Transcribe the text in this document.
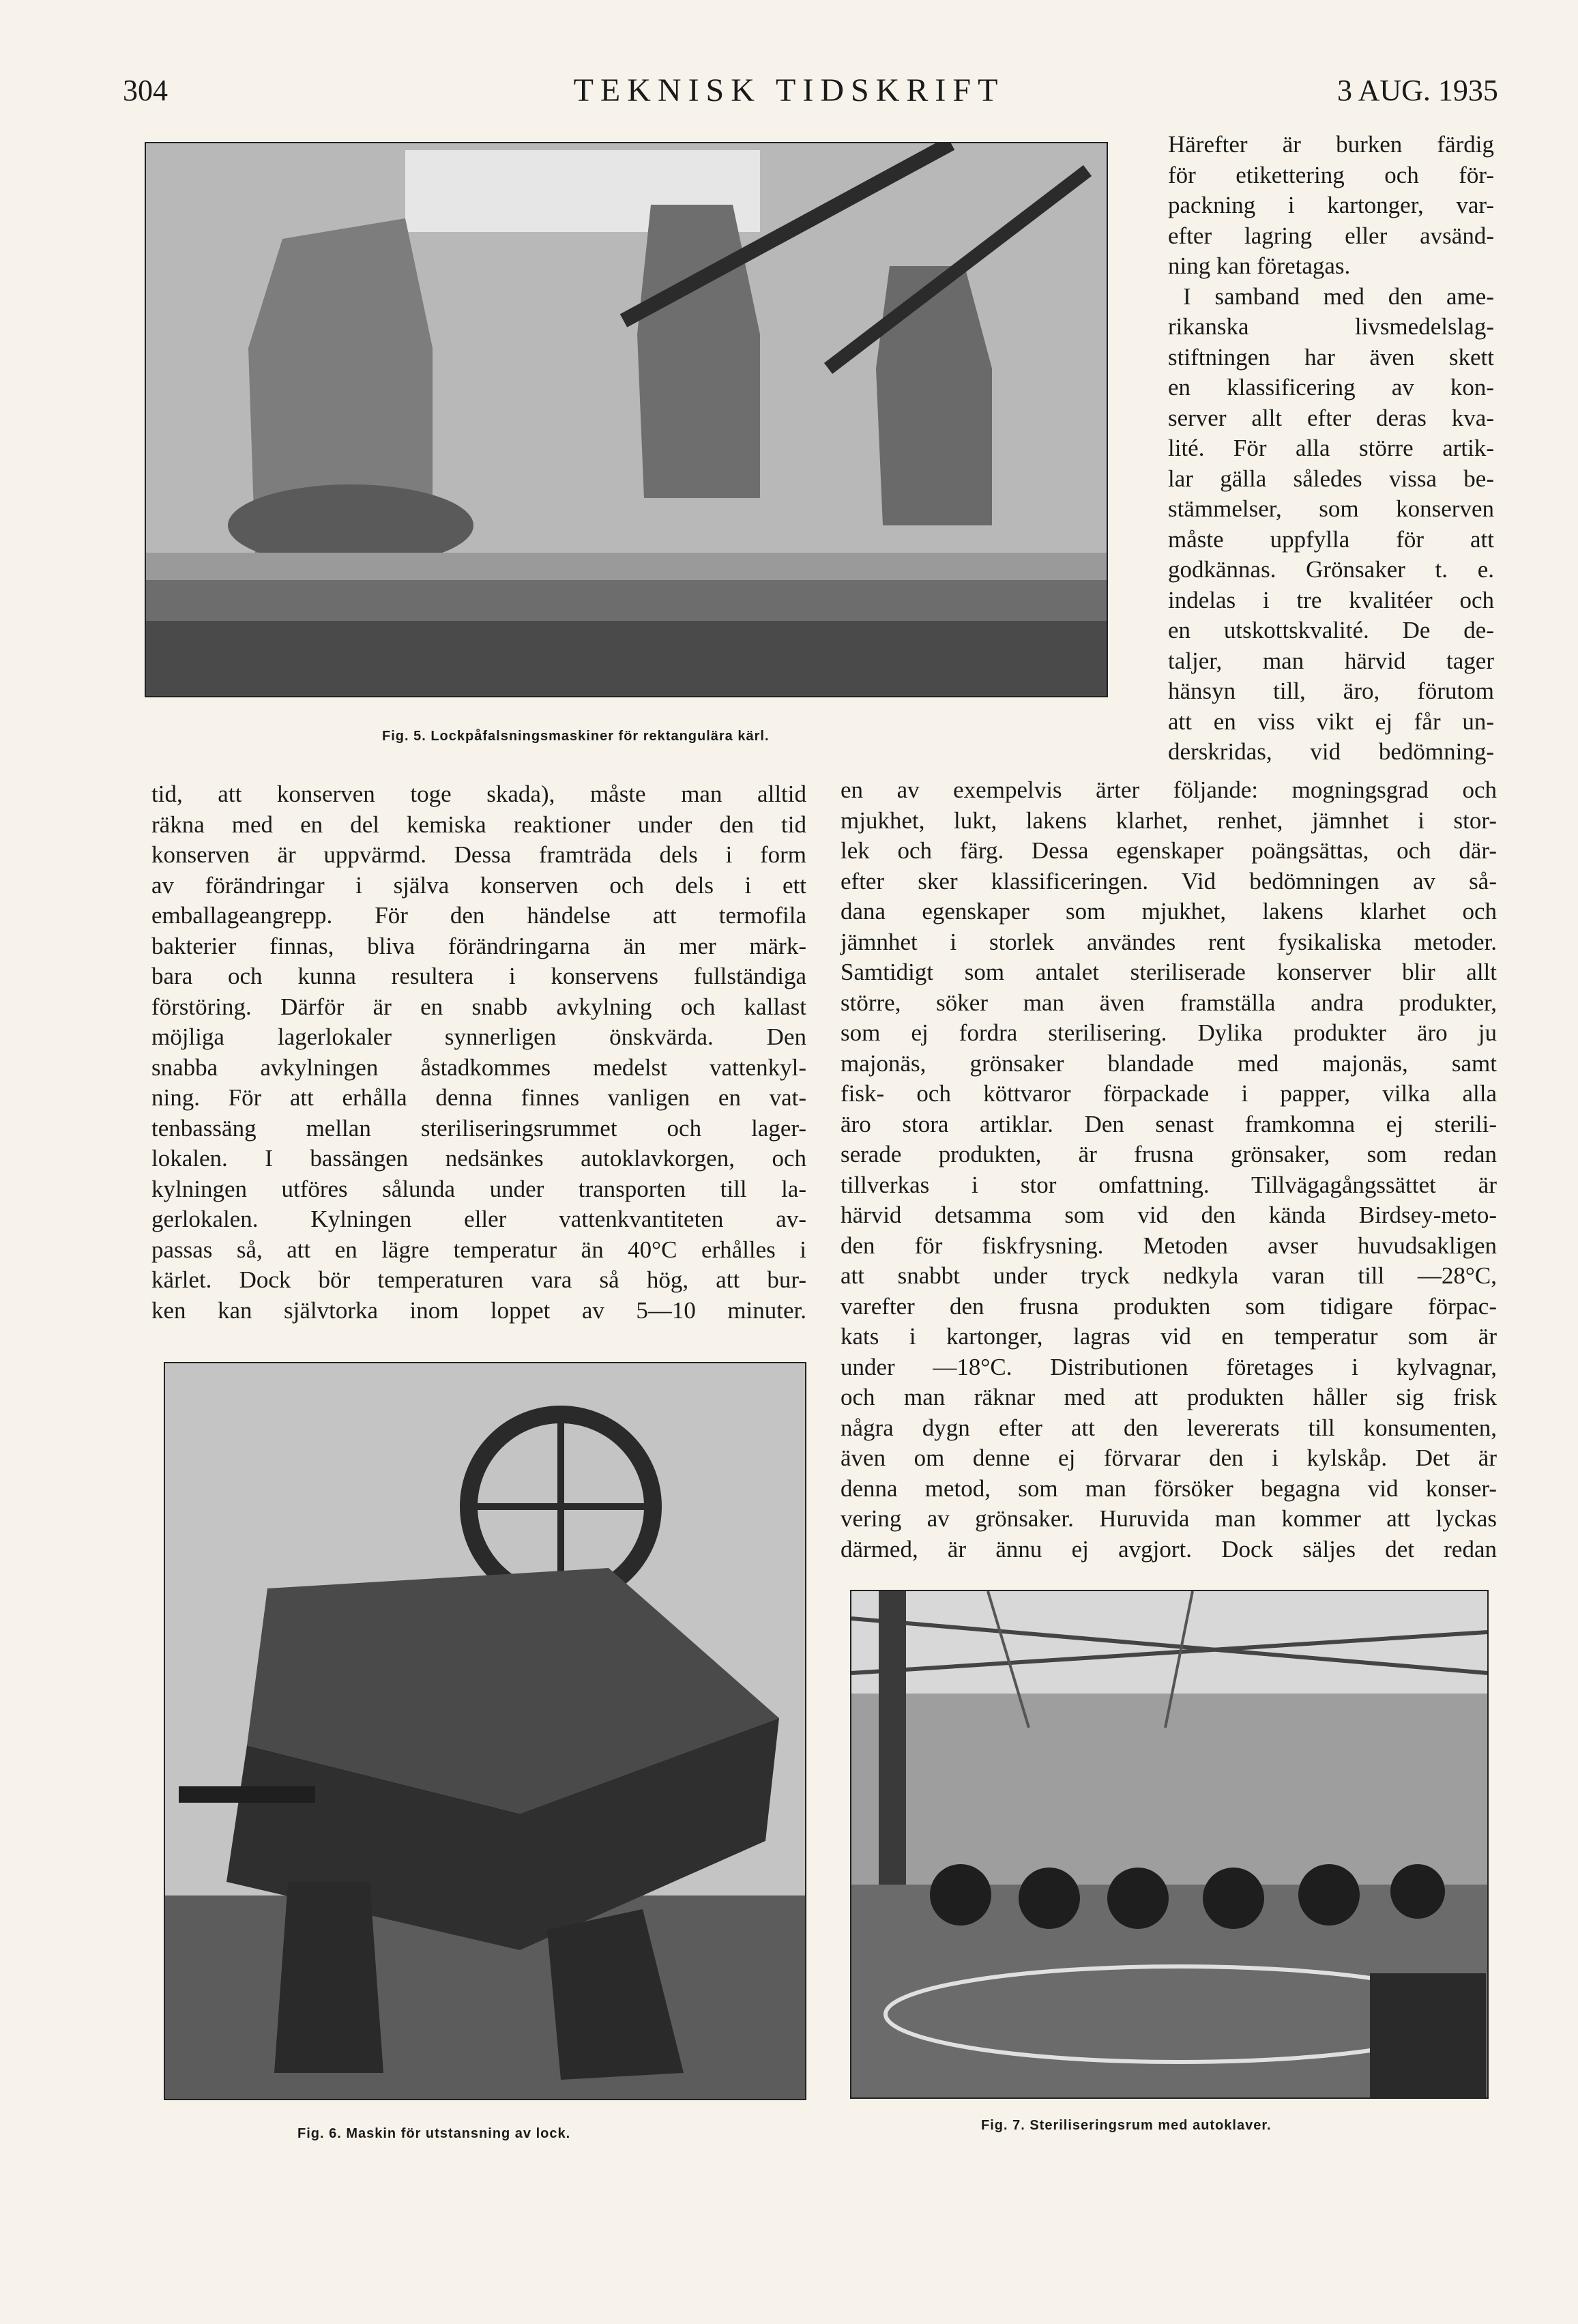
304	TEKNISK TIDSKRIFT	3 AUG. 1935
Fig. 5. Lockpåfalsningsmaskiner för rektangulära kärl.
Härefter är burken färdig
för etikettering och för-
packning i kartonger, var-
efter lagring eller avsänd-
ning kan företagas.
I samband med den ame-
rikanska livsmedelslag-
stiftningen har även skett
en klassificering av kon-
server allt efter deras kva-
lité. För alla större artik-
lar gälla således vissa be-
stämmelser, som konserven
måste uppfylla för att
godkännas. Grönsaker t. e.
indelas i tre kvalitéer och
en utskottskvalité. De de-
taljer, man härvid tager
hänsyn till, äro, förutom
att en viss vikt ej får un-
derskridas, vid bedömning-
tid, att konserven toge skada), måste man alltid
räkna med en del kemiska reaktioner under den tid
konserven är uppvärmd. Dessa framträda dels i form
av förändringar i själva konserven och dels i ett
emballageangrepp. För den händelse att termofila
bakterier finnas, bliva förändringarna än mer märk-
bara och kunna resultera i konservens fullständiga
förstöring. Därför är en snabb avkylning och kallast
möjliga lagerlokaler synnerligen önskvärda. Den
snabba avkylningen åstadkommes medelst vattenkyl-
ning. För att erhålla denna finnes vanligen en vat-
tenbassäng mellan steriliseringsrummet och lager-
lokalen. I bassängen nedsänkes autoklavkorgen, och
kylningen utföres sålunda under transporten till la-
gerlokalen. Kylningen eller vattenkvantiteten av-
passas så, att en lägre temperatur än 40°C erhålles i
kärlet. Dock bör temperaturen vara så hög, att bur-
ken kan självtorka inom loppet av 5—10 minuter.
en av exempelvis ärter följande: mogningsgrad och
mjukhet, lukt, lakens klarhet, renhet, jämnhet i stor-
lek och färg. Dessa egenskaper poängsättas, och där-
efter sker klassificeringen. Vid bedömningen av så-
dana egenskaper som mjukhet, lakens klarhet och
jämnhet i storlek användes rent fysikaliska metoder.
Samtidigt som antalet steriliserade konserver blir allt
större, söker man även framställa andra produkter,
som ej fordra sterilisering. Dylika produkter äro ju
majonäs, grönsaker blandade med majonäs, samt
fisk- och köttvaror förpackade i papper, vilka alla
äro stora artiklar. Den senast framkomna ej sterili-
serade produkten, är frusna grönsaker, som redan
tillverkas i stor omfattning. Tillvägagångssättet är
härvid detsamma som vid den kända Birdsey-meto-
den för fiskfrysning. Metoden avser huvudsakligen
att snabbt under tryck nedkyla varan till —28°C,
varefter den frusna produkten som tidigare förpac-
kats i kartonger, lagras vid en temperatur som är
under —18°C. Distributionen företages i kylvagnar,
och man räknar med att produkten håller sig frisk
några dygn efter att den levererats till konsumenten,
även om denne ej förvarar den i kylskåp. Det är
denna metod, som man försöker begagna vid konser-
vering av grönsaker. Huruvida man kommer att lyckas
därmed, är ännu ej avgjort. Dock säljes det redan
Fig. 6. Maskin för utstansning av lock.
Fig. 7. Steriliseringsrum med autoklaver.
